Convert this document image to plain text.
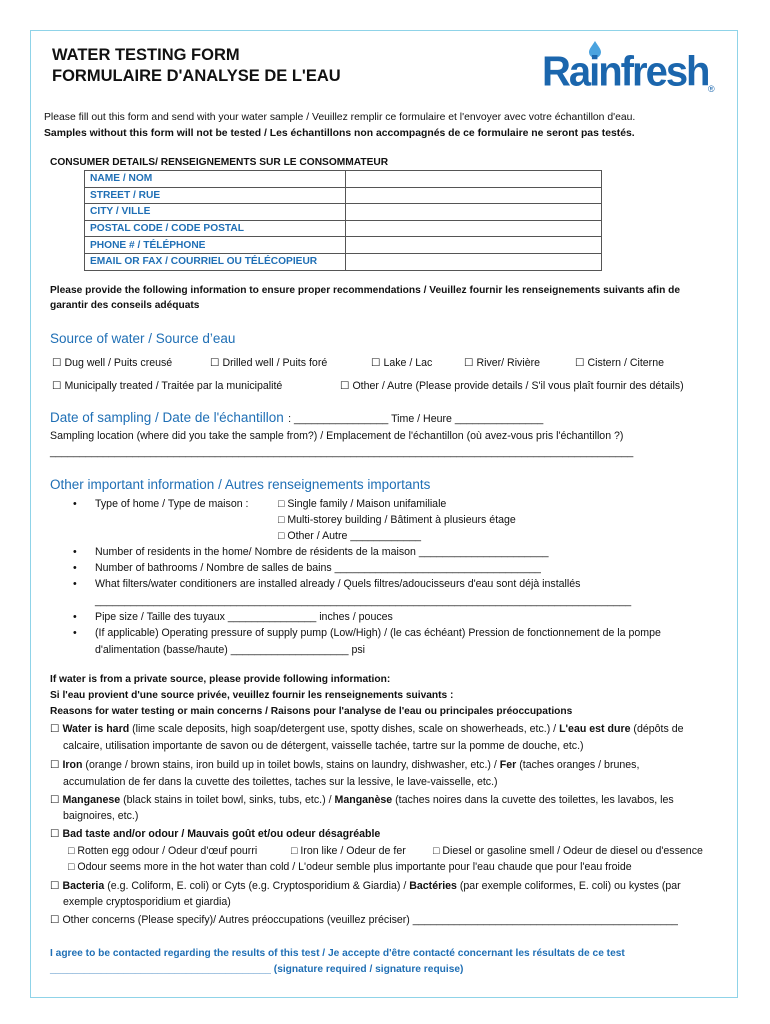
WATER TESTING FORM
FORMULAIRE D'ANALYSE DE L'EAU	Rainfresh ®
Please fill out this form and send with your water sample / Veuillez remplir ce formulaire et l'envoyer avec votre échantillon d'eau.
Samples without this form will not be tested / Les échantillons non accompagnés de ce formulaire ne seront pas testés.
CONSUMER DETAILS/ RENSEIGNEMENTS SUR LE CONSOMMATEUR
NAME / NOM	
STREET / RUE	
CITY / VILLE	
POSTAL CODE / CODE POSTAL	
PHONE # / TÉLÉPHONE	
EMAIL OR FAX / COURRIEL OU TÉLÉCOPIEUR	
Please provide the following information to ensure proper recommendations / Veuillez fournir les renseignements suivants afin de
garantir des conseils adéquats
Source of water / Source d’eau
☐ Dug well / Puits creusé	☐ Drilled well / Puits foré	☐ Lake / Lac	☐ River/ Rivière	☐ Cistern / Citerne
☐ Municipally treated / Traitée par la municipalité	☐ Other / Autre (Please provide details / S'il vous plaît fournir des détails)
Date of sampling / Date de l'échantillon : ________________ Time / Heure _______________
Sampling location (where did you take the sample from?) / Emplacement de l'échantillon (où avez-vous pris l'échantillon ?)
___________________________________________________________________________________________________
Other important information / Autres renseignements importants
• Type of home / Type de maison :	□ Single family / Maison unifamiliale
□ Multi-storey building / Bâtiment à plusieurs étage
□ Other / Autre ____________
• Number of residents in the home/ Nombre de résidents de la maison ______________________
• Number of bathrooms / Nombre de salles de bains ___________________________________
• What filters/water conditioners are installed already / Quels filtres/adoucisseurs d'eau sont déjà installés
___________________________________________________________________________________________
• Pipe size / Taille des tuyaux _______________ inches / pouces
• (If applicable) Operating pressure of supply pump (Low/High) / (le cas échéant) Pression de fonctionnement de la pompe
d'alimentation (basse/haute) ____________________ psi
If water is from a private source, please provide following information:
Si l'eau provient d'une source privée, veuillez fournir les renseignements suivants :
Reasons for water testing or main concerns / Raisons pour l'analyse de l'eau ou principales préoccupations
☐ Water is hard (lime scale deposits, high soap/detergent use, spotty dishes, scale on showerheads, etc.) / L'eau est dure (dépôts de
calcaire, utilisation importante de savon ou de détergent, vaisselle tachée, tartre sur la pomme de douche, etc.)
☐ Iron (orange / brown stains, iron build up in toilet bowls, stains on laundry, dishwasher, etc.) / Fer (taches oranges / brunes,
accumulation de fer dans la cuvette des toilettes, taches sur la lessive, le lave-vaisselle, etc.)
☐ Manganese (black stains in toilet bowl, sinks, tubs, etc.) / Manganèse (taches noires dans la cuvette des toilettes, les lavabos, les
baignoires, etc.)
☐ Bad taste and/or odour / Mauvais goût et/ou odeur désagréable
□ Rotten egg odour / Odeur d'œuf pourri	□ Iron like / Odeur de fer	□ Diesel or gasoline smell / Odeur de diesel ou d'essence
□ Odour seems more in the hot water than cold / L'odeur semble plus importante pour l'eau chaude que pour l'eau froide
☐ Bacteria (e.g. Coliform, E. coli) or Cyts (e.g. Cryptosporidium & Giardia) / Bactéries (par exemple coliformes, E. coli) ou kystes (par
exemple cryptosporidium et giardia)
☐ Other concerns (Please specify)/ Autres préoccupations (veuillez préciser) _____________________________________________
I agree to be contacted regarding the results of this test / Je accepte d'être contacté concernant les résultats de ce test
_______________________________________ (signature required / signature requise)
